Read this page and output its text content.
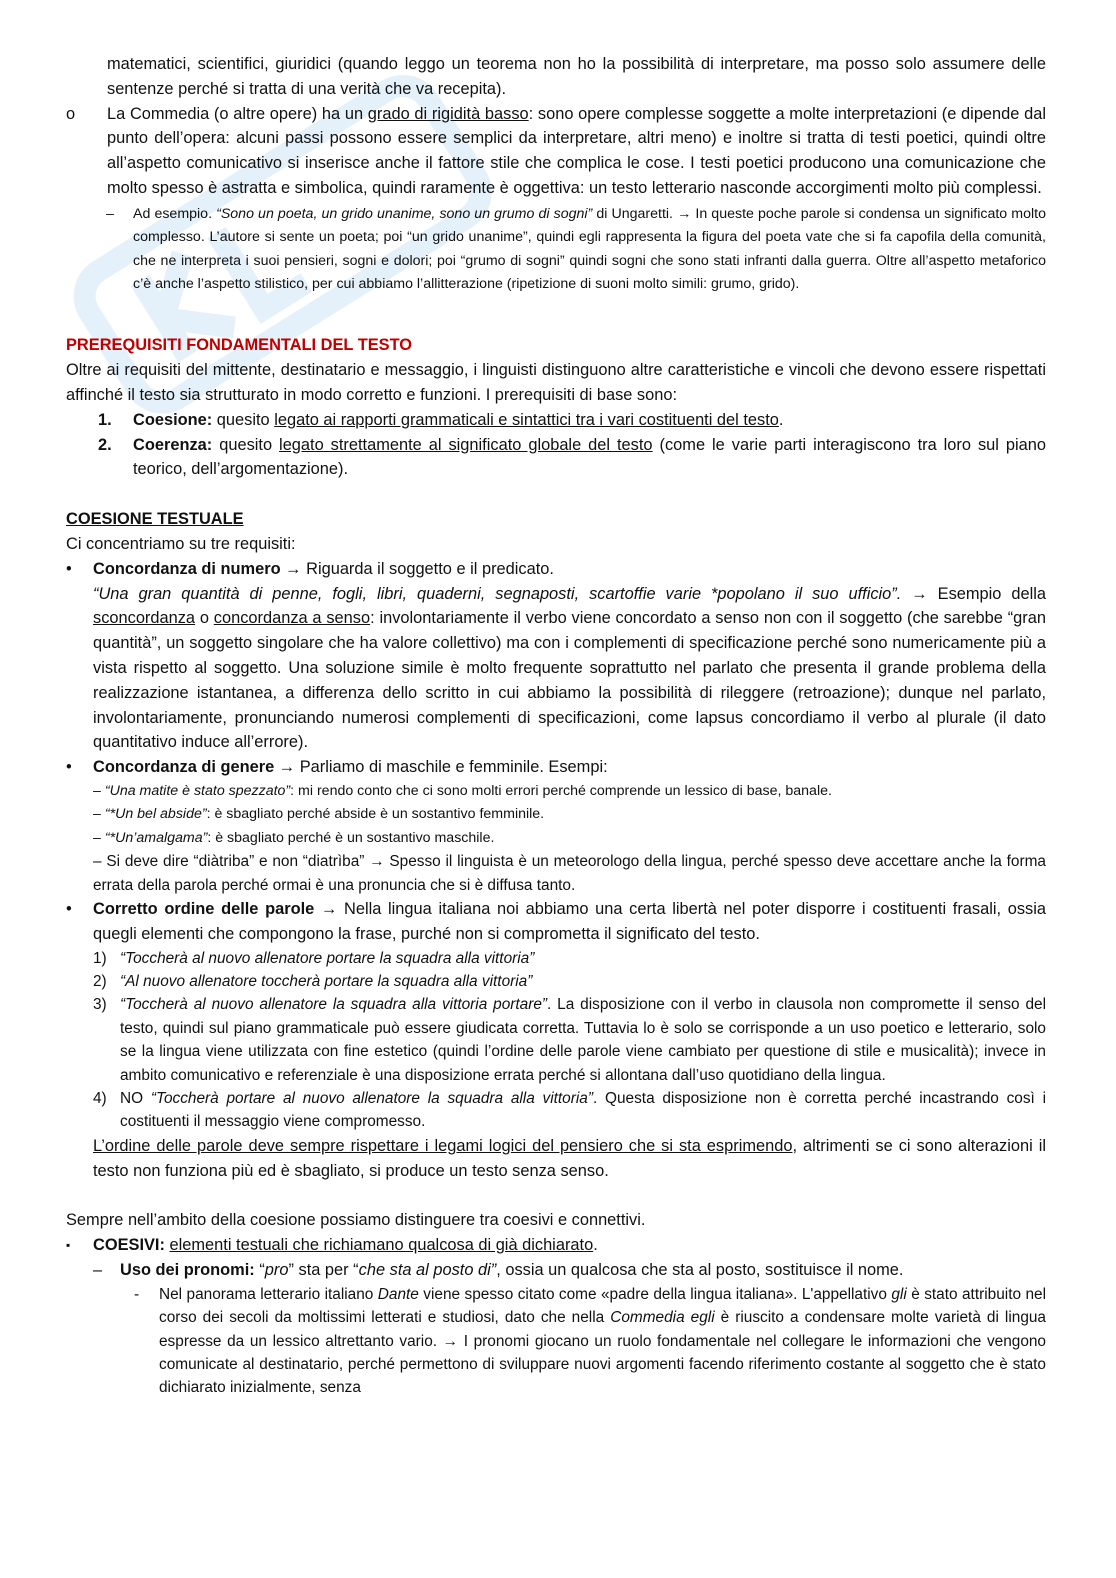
matematici, scientifici, giuridici (quando leggo un teorema non ho la possibilità di interpretare, ma posso solo assumere delle sentenze perché si tratta di una verità che va recepita).
o La Commedia (o altre opere) ha un grado di rigidità basso: sono opere complesse soggette a molte interpretazioni (e dipende dal punto dell’opera: alcuni passi possono essere semplici da interpretare, altri meno) e inoltre si tratta di testi poetici, quindi oltre all’aspetto comunicativo si inserisce anche il fattore stile che complica le cose. I testi poetici producono una comunicazione che molto spesso è astratta e simbolica, quindi raramente è oggettiva: un testo letterario nasconde accorgimenti molto più complessi.
– Ad esempio. “Sono un poeta, un grido unanime, sono un grumo di sogni” di Ungaretti. → In queste poche parole si condensa un significato molto complesso. L’autore si sente un poeta; poi “un grido unanime”, quindi egli rappresenta la figura del poeta vate che si fa capofila della comunità, che ne interpreta i suoi pensieri, sogni e dolori; poi “grumo di sogni” quindi sogni che sono stati infranti dalla guerra. Oltre all’aspetto metaforico c’è anche l’aspetto stilistico, per cui abbiamo l’allitterazione (ripetizione di suoni molto simili: grumo, grido).
PREREQUISITI FONDAMENTALI DEL TESTO
Oltre ai requisiti del mittente, destinatario e messaggio, i linguisti distinguono altre caratteristiche e vincoli che devono essere rispettati affinché il testo sia strutturato in modo corretto e funzioni. I prerequisiti di base sono:
1. Coesione: quesito legato ai rapporti grammaticali e sintattici tra i vari costituenti del testo.
2. Coerenza: quesito legato strettamente al significato globale del testo (come le varie parti interagiscono tra loro sul piano teorico, dell’argomentazione).
COESIONE TESTUALE
Ci concentriamo su tre requisiti:
• Concordanza di numero → Riguarda il soggetto e il predicato.
“Una gran quantità di penne, fogli, libri, quaderni, segnaposti, scartoffie varie *popolano il suo ufficio”. → Esempio della sconcordanza o concordanza a senso: involontariamente il verbo viene concordato a senso non con il soggetto (che sarebbe “gran quantità”, un soggetto singolare che ha valore collettivo) ma con i complementi di specificazione perché sono numericamente più a vista rispetto al soggetto. Una soluzione simile è molto frequente soprattutto nel parlato che presenta il grande problema della realizzazione istantanea, a differenza dello scritto in cui abbiamo la possibilità di rileggere (retroazione); dunque nel parlato, involontariamente, pronunciando numerosi complementi di specificazioni, come lapsus concordiamo il verbo al plurale (il dato quantitativo induce all’errore).
• Concordanza di genere → Parliamo di maschile e femminile. Esempi:
– “Una matite è stato spezzato”: mi rendo conto che ci sono molti errori perché comprende un lessico di base, banale.
– “*Un bel abside”: è sbagliato perché abside è un sostantivo femminile.
– “*Un’amalgama”: è sbagliato perché è un sostantivo maschile.
– Si deve dire “diàtriba” e non “diatrìba” → Spesso il linguista è un meteorologo della lingua, perché spesso deve accettare anche la forma errata della parola perché ormai è una pronuncia che si è diffusa tanto.
• Corretto ordine delle parole → Nella lingua italiana noi abbiamo una certa libertà nel poter disporre i costituenti frasali, ossia quegli elementi che compongono la frase, purché non si comprometta il significato del testo.
1) “Toccherà al nuovo allenatore portare la squadra alla vittoria”
2) “Al nuovo allenatore toccherà portare la squadra alla vittoria”
3) “Toccherà al nuovo allenatore la squadra alla vittoria portare”. La disposizione con il verbo in clausola non compromette il senso del testo, quindi sul piano grammaticale può essere giudicata corretta. Tuttavia lo è solo se corrisponde a un uso poetico e letterario, solo se la lingua viene utilizzata con fine estetico (quindi l’ordine delle parole viene cambiato per questione di stile e musicalità); invece in ambito comunicativo e referenziale è una disposizione errata perché si allontana dall’uso quotidiano della lingua.
4) NO “Toccherà portare al nuovo allenatore la squadra alla vittoria”. Questa disposizione non è corretta perché incastrando così i costituenti il messaggio viene compromesso.
L’ordine delle parole deve sempre rispettare i legami logici del pensiero che si sta esprimendo, altrimenti se ci sono alterazioni il testo non funziona più ed è sbagliato, si produce un testo senza senso.
Sempre nell’ambito della coesione possiamo distinguere tra coesivi e connettivi.
▪ COESIVI: elementi testuali che richiamano qualcosa di già dichiarato.
– Uso dei pronomi: “pro” sta per “che sta al posto di”, ossia un qualcosa che sta al posto, sostituisce il nome.
- Nel panorama letterario italiano Dante viene spesso citato come «padre della lingua italiana». L'appellativo gli è stato attribuito nel corso dei secoli da moltissimi letterati e studiosi, dato che nella Commedia egli è riuscito a condensare molte varietà di lingua espresse da un lessico altrettanto vario. → I pronomi giocano un ruolo fondamentale nel collegare le informazioni che vengono comunicate al destinatario, perché permettono di sviluppare nuovi argomenti facendo riferimento costante al soggetto che è stato dichiarato inizialmente, senza
